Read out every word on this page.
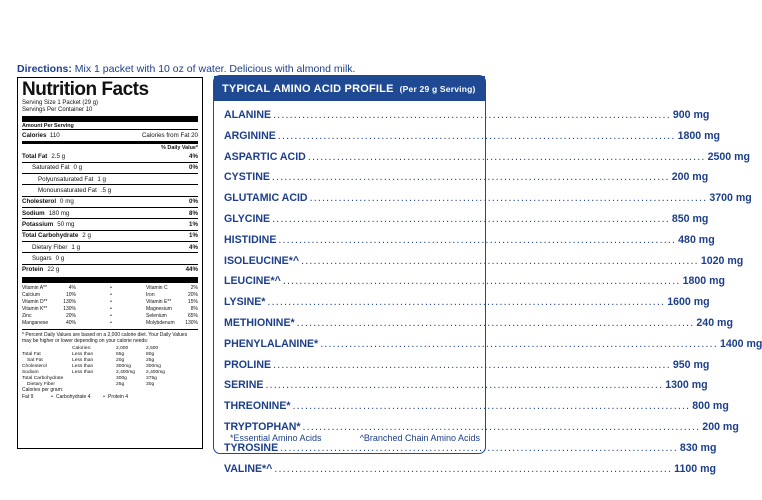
Directions: Mix 1 packet with 10 oz of water. Delicious with almond milk.
Nutrition Facts
Serving Size 1 Packet (29 g)
Servings Per Container 10
Amount Per Serving
Calories 110	Calories from Fat 20
% Daily Value*
Total Fat 2.5 g	4%
Saturated Fat 0 g	0%
Polyunsaturated Fat 1 g
Monounsaturated Fat .5 g
Cholesterol 0 mg	0%
Sodium 180 mg	8%
Potassium 50 mg	1%
Total Carbohydrate 2 g	1%
Dietary Fiber 1 g	4%
Sugars 0 g
Protein 22 g	44%
Vitamin A**	4%	•	Vitamin C	2%
Calcium	10%	•	Iron	20%
Vitamin D**	130%	•	Vitamin E**	15%
Vitamin K**	130%	•	Magnesium	8%
Zinc	20%	•	Selenium	65%
Manganese	40%	•	Molybdenum	130%
* Percent Daily Values are based on a 2,000 calorie diet. Your Daily Values may be higher or lower depending on your calorie needs:
Calories:	2,000	2,500
Total Fat	Less than	65g	80g
Sat Fat	Less than	20g	25g
Cholesterol	Less than	300mg	300mg
Sodium	Less than	2,400mg	2,400mg
Total Carbohydrate	300g	375g
Dietary Fiber	25g	30g
Calories per gram:
Fat 9	• Carbohydrate 4	• Protein 4
TYPICAL AMINO ACID PROFILE (Per 29 g Serving)
ALANINE .....	900 mg
ARGININE .....	1800 mg
ASPARTIC ACID .....	2500 mg
CYSTINE .....	200 mg
GLUTAMIC ACID .....	3700 mg
GLYCINE .....	850 mg
HISTIDINE .....	480 mg
ISOLEUCINE*^ .....	1020 mg
LEUCINE*^ .....	1800 mg
LYSINE* .....	1600 mg
METHIONINE* .....	240 mg
PHENYLALANINE* .....	1400 mg
PROLINE .....	950 mg
SERINE .....	1300 mg
THREONINE* .....	800 mg
TRYPTOPHAN* .....	200 mg
TYROSINE .....	830 mg
VALINE*^ .....	1100 mg
*Essential Amino Acids	^Branched Chain Amino Acids
